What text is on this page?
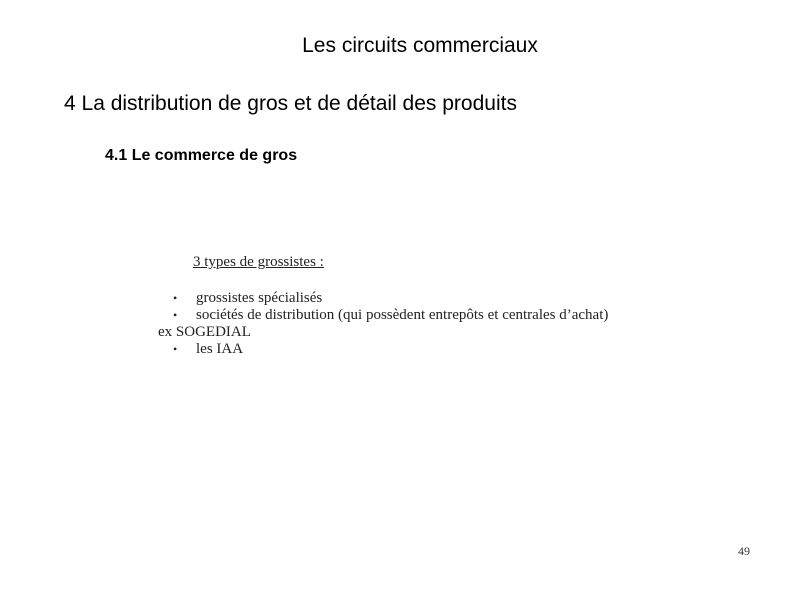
Les circuits commerciaux
4 La distribution de gros et de détail des produits
4.1 Le commerce de gros
3 types de grossistes :
• grossistes spécialisés
• sociétés de distribution (qui possèdent entrepôts et centrales d’achat)
ex SOGEDIAL
• les IAA
49
